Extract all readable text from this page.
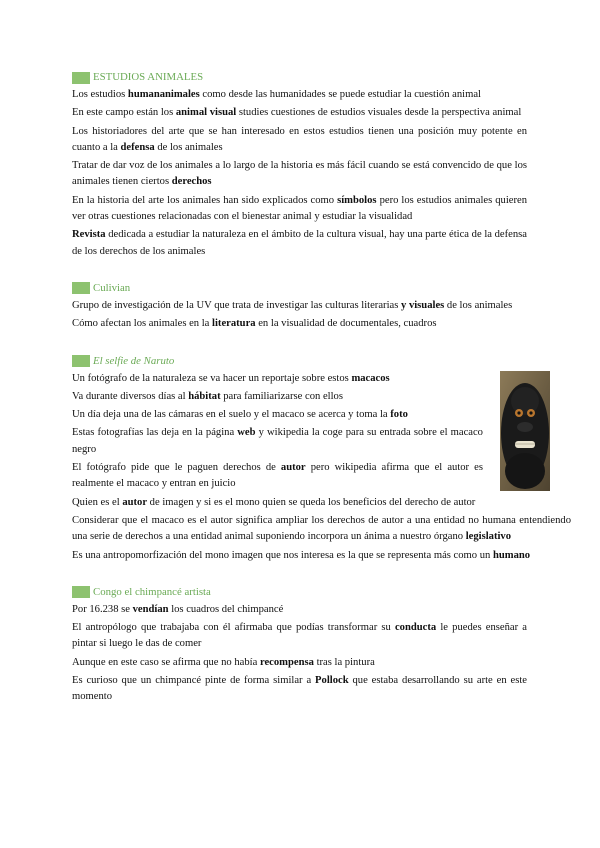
ESTUDIOS ANIMALES

Los estudios humananimales como desde las humanidades se puede estudiar la cuestión animal

En este campo están los animal visual studies cuestiones de estudios visuales desde la perspectiva animal

Los historiadores del arte que se han interesado en estos estudios tienen una posición muy potente en cuanto a la defensa de los animales

Tratar de dar voz de los animales a lo largo de la historia es más fácil cuando se está convencido de que los animales tienen ciertos derechos

En la historia del arte los animales han sido explicados como símbolos pero los estudios animales quieren ver otras cuestiones relacionadas con el bienestar animal y estudiar la visualidad

Revista dedicada a estudiar la naturaleza en el ámbito de la cultura visual, hay una parte ética de la defensa de los derechos de los animales

Culivian

Grupo de investigación de la UV que trata de investigar las culturas literarias y visuales de los animales

Cómo afectan los animales en la literatura en la visualidad de documentales, cuadros

El selfie de Naruto

Un fotógrafo de la naturaleza se va hacer un reportaje sobre estos macacos

Va durante diversos días al hábitat para familiarizarse con ellos

Un día deja una de las cámaras en el suelo y el macaco se acerca y toma la foto

Estas fotografías las deja en la página web y wikipedia la coge para su entrada sobre el macaco negro

El fotógrafo pide que le paguen derechos de autor pero wikipedia afirma que el autor es realmente el macaco y entran en juicio

Quien es el autor de imagen y si es el mono quien se queda los beneficios del derecho de autor

Considerar que el macaco es el autor significa ampliar los derechos de autor a una entidad no humana entendiendo una serie de derechos a una entidad animal suponiendo incorpora un ánima a nuestro órgano legislativo

Es una antropomorfización del mono imagen que nos interesa es la que se representa más como un humano

Congo el chimpancé artista

Por 16.238 se vendían los cuadros del chimpancé

El antropólogo que trabajaba con él afirmaba que podías transformar su conducta le puedes enseñar a pintar si luego le das de comer

Aunque en este caso se afirma que no había recompensa tras la pintura

Es curioso que un chimpancé pinte de forma similar a Pollock que estaba desarrollando su arte en este momento
